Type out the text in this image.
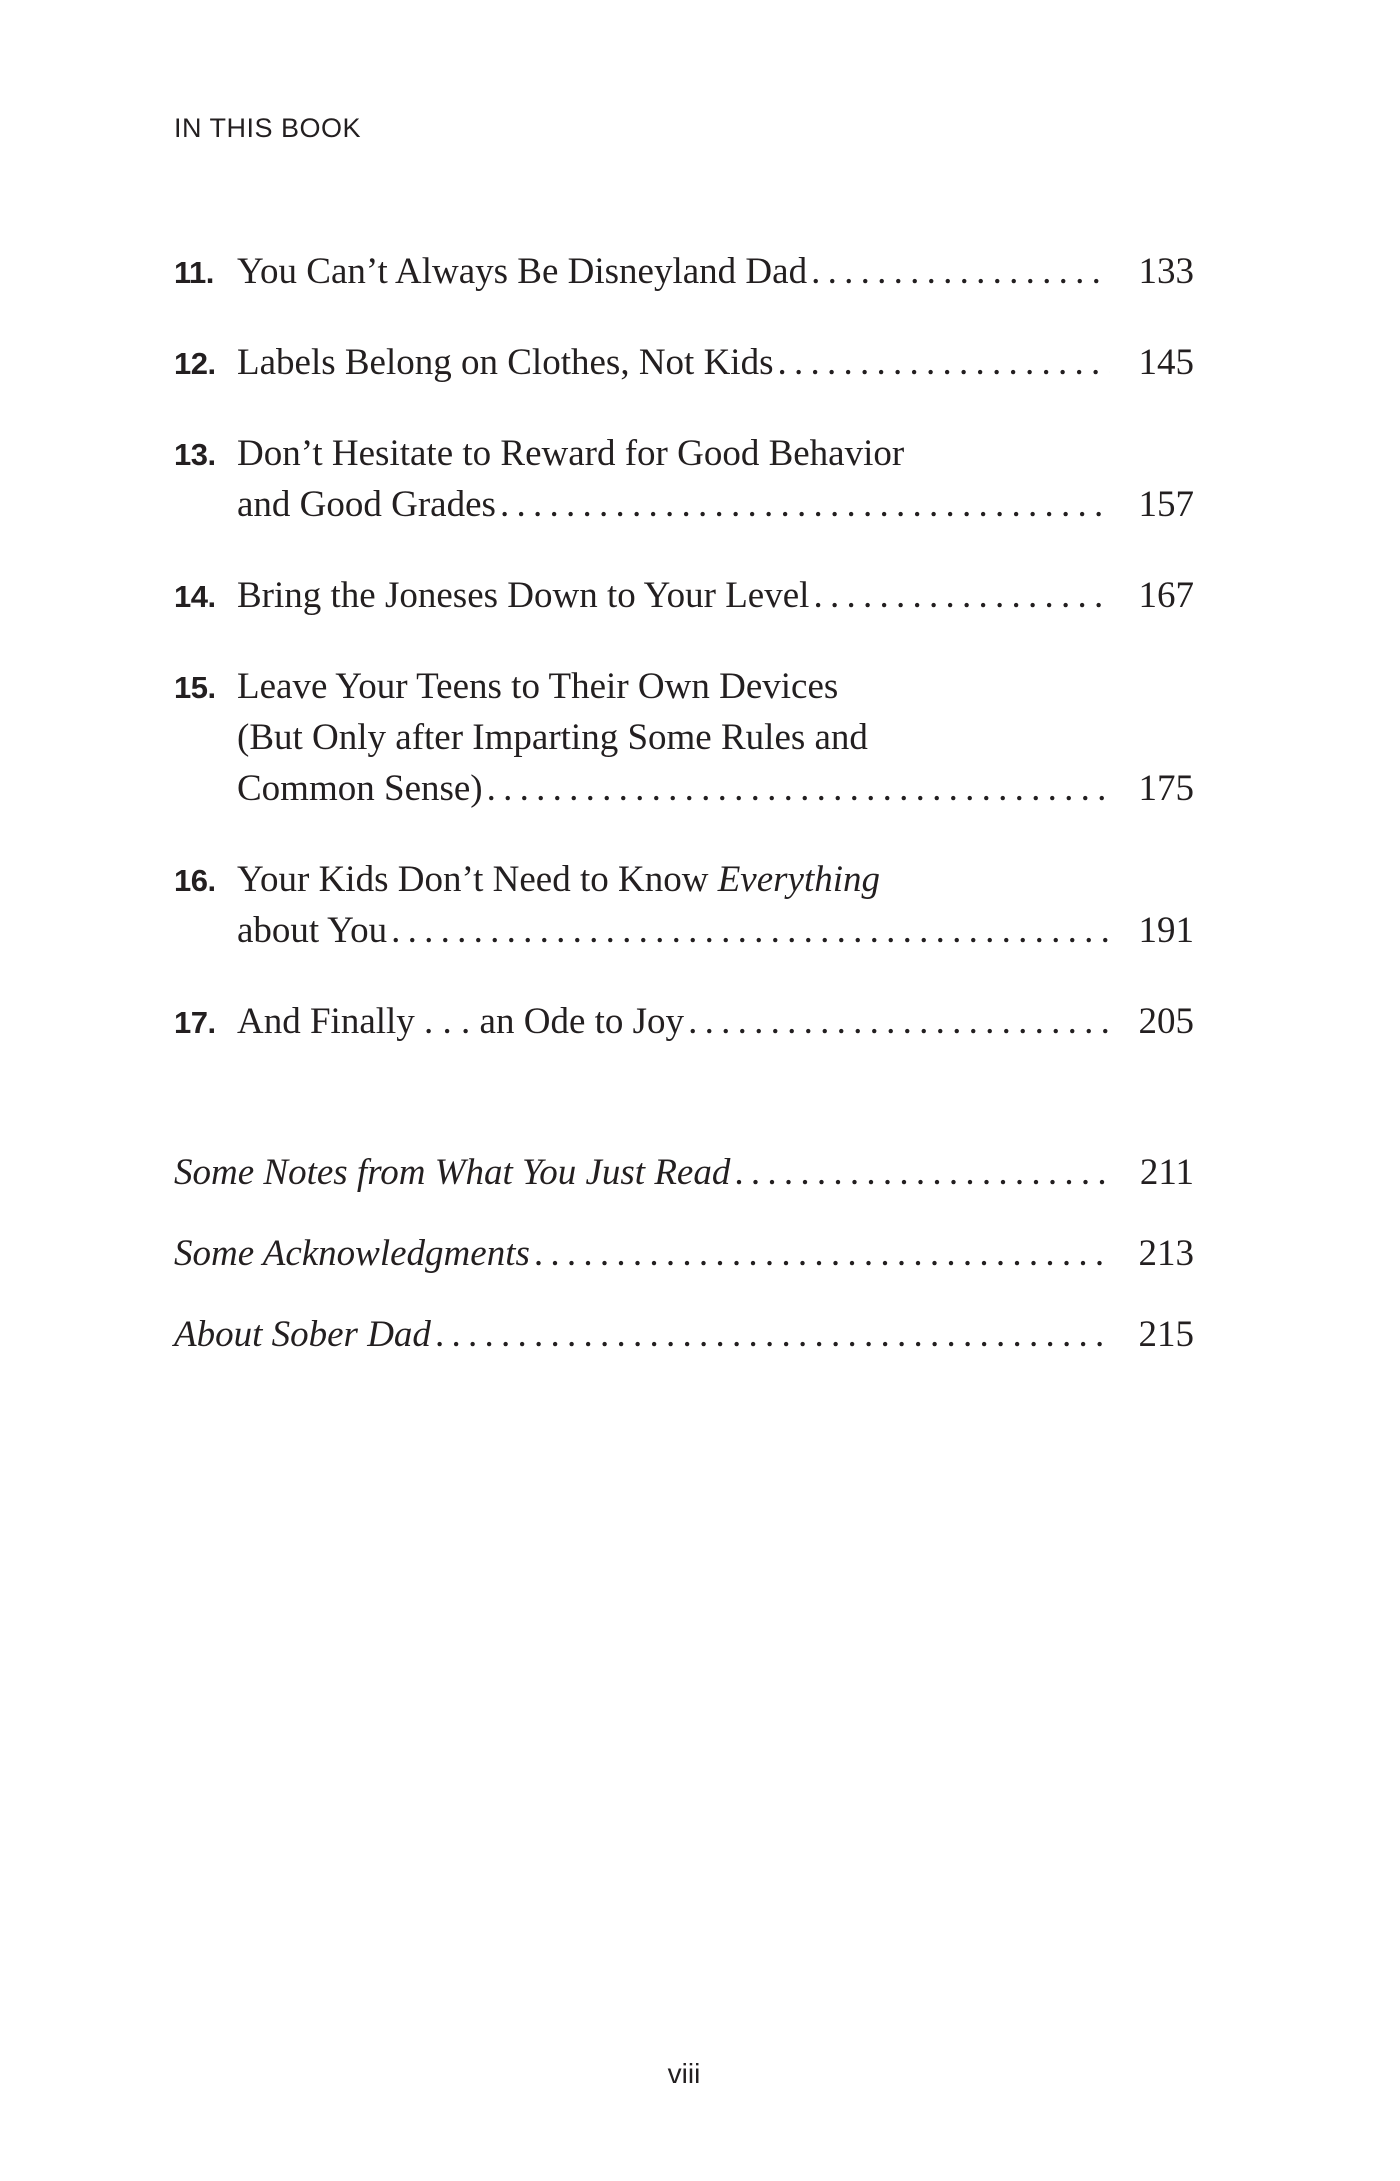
IN THIS BOOK
11. You Can’t Always Be Disneyland Dad . . .	133
12. Labels Belong on Clothes, Not Kids . . .	145
13. Don’t Hesitate to Reward for Good Behavior
and Good Grades . . .	157
14. Bring the Joneses Down to Your Level . . .	167
15. Leave Your Teens to Their Own Devices
(But Only after Imparting Some Rules and
Common Sense) . . .	175
16. Your Kids Don’t Need to Know Everything
about You . . .	191
17. And Finally . . . an Ode to Joy . . .	205
Some Notes from What You Just Read . . .	211
Some Acknowledgments . . .	213
About Sober Dad . . .	215
viii
